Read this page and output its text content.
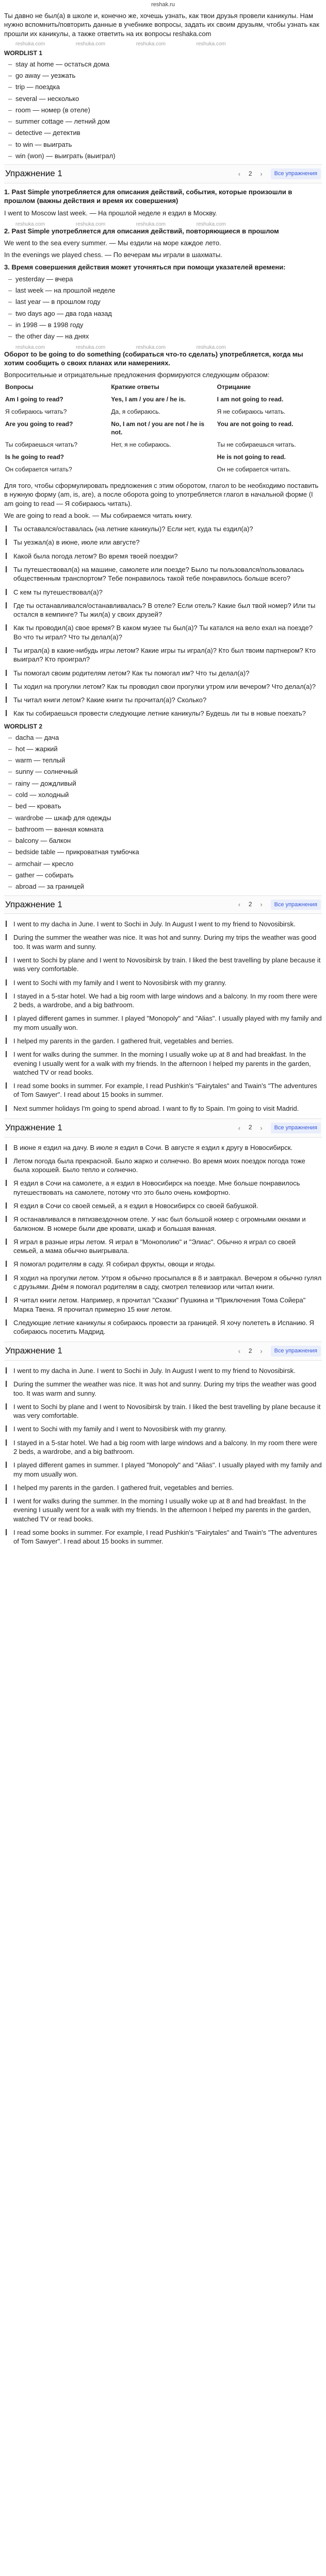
reshak.ru

Ты давно не был(а) в школе и, конечно же, хочешь узнать, как твои друзья провели каникулы. Нам нужно вспомнить/повторить данные в учебнике вопросы, задать их своим друзьям, чтобы узнать как прошли их каникулы, а также ответить на их вопросы reshaka.com

reshuka.com	reshuka.com	reshuka.com	reshuka.com
WORDLIST 1
– stay at home — остаться дома
– go away — уезжать
– trip — поездка
– several — несколько
– room — номер (в отеле)
– summer cottage — летний дом
– detective — детектив
– to win — выиграть
– win (won) — выиграть (выиграл)
Упражнение 1	‹	2	›	Все упражнения

1. Past Simple употребляется для описания действий, события, которые произошли в прошлом (важны действия и время их совершения)

I went to Moscow last week. — На прошлой неделе я ездил в Москву.

reshuka.com	reshuka.com	reshuka.com	reshuka.com

2. Past Simple употребляется для описания действий, повторяющиеся в прошлом

We went to the sea every summer. — Мы ездили на море каждое лето.

In the evenings we played chess. — По вечерам мы играли в шахматы.

3. Время совершения действия может уточняться при помощи указателей времени:

– yesterday — вчера
– last week — на прошлой неделе
– last year — в прошлом году
– two days ago — два года назад
– in 1998 — в 1998 году
– the other day — на днях
reshuka.com	reshuka.com	reshuka.com	reshuka.com

Оборот to be going to do something (собираться что-то сделать) употребляется, когда мы хотим сообщить о своих планах или намерениях.

Вопросительные и отрицательные предложения формируются следующим образом:

Вопросы	Краткие ответы	Отрицание
Am I going to read?	Yes, I am / you are / he is.	I am not going to read.
Я собираюсь читать?	Да, я собираюсь.	Я не собираюсь читать.
Are you going to read?	No, I am not / you are not / he is not.	You are not going to read.
Ты собираешься читать?	Нет, я не собираюсь.	Ты не собираешься читать.
Is he going to read?		He is not going to read.
Он собирается читать?		Он не собирается читать.

Для того, чтобы сформулировать предложения с этим оборотом, глагол to be необходимо поставить в нужную форму (am, is, are), а после оборота going to употребляется глагол в начальной форме (I am going to read — Я собираюсь читать).

We are going to read a book. — Мы собираемся читать книгу.

Ты оставался/оставалась (на летние каникулы)? Если нет, куда ты ездил(а)?
Ты уезжал(а) в июне, июле или августе?
Какой была погода летом? Во время твоей поездки?
Ты путешествовал(а) на машине, самолете или поезде? Было ты пользовался/пользовалась общественным транспортом? Тебе понравилось такой тебе понравилось больше всего?
С кем ты путешествовал(а)?
Где ты останавливался/останавливалась? В отеле? Если отель? Какие был твой номер? Или ты остался в кемпинге? Ты жил(а) у своих друзей?
Как ты проводил(а) свое время? В каком музее ты был(а)? Ты катался на вело ехал на поезде? Во что ты играл? Что ты делал(а)?
Ты играл(а) в какие-нибудь игры летом? Какие игры ты играл(а)? Кто был твоим партнером? Кто выиграл? Кто проиграл?
Ты помогал своим родителям летом? Как ты помогал им? Что ты делал(а)?
Ты ходил на прогулки летом? Как ты проводил свои прогулки утром или вечером? Что делал(а)?
Ты читал книги летом? Какие книги ты прочитал(а)? Сколько?
Как ты собираешься провести следующие летние каникулы? Будешь ли ты в новые поехать?
WORDLIST 2
– dacha — дача
– hot — жаркий
– warm — теплый
– sunny — солнечный
– rainy — дождливый
– cold — холодный
– bed — кровать
– wardrobe — шкаф для одежды
– bathroom — ванная комната
– balcony — балкон
– bedside table — прикроватная тумбочка
– armchair — кресло
– gather — собирать
– abroad — за границей
Упражнение 1	‹	2	›	Все упражнения
I went to my dacha in June. I went to Sochi in July. In August I went to my friend to Novosibirsk.
During the summer the weather was nice. It was hot and sunny. During my trips the weather was good too. It was warm and sunny.
I went to Sochi by plane and I went to Novosibirsk by train. I liked the best travelling by plane because it was very comfortable.
I went to Sochi with my family and I went to Novosibirsk with my granny.
I stayed in a 5-star hotel. We had a big room with large windows and a balcony. In my room there were 2 beds, a wardrobe, and a big bathroom.
I played different games in summer. I played "Monopoly" and "Alias". I usually played with my family and my mom usually won.
I helped my parents in the garden. I gathered fruit, vegetables and berries.
I went for walks during the summer. In the morning I usually woke up at 8 and had breakfast. In the evening I usually went for a walk with my friends. In the afternoon I helped my parents in the garden, watched TV or read books.
I read some books in summer. For example, I read Pushkin's "Fairytales" and Twain's "The adventures of Tom Sawyer". I read about 15 books in summer.
Next summer holidays I'm going to spend abroad. I want to fly to Spain. I'm going to visit Madrid.
Упражнение 1	‹	2	›	Все упражнения
В июне я ездил на дачу. В июле я ездил в Сочи. В августе я ездил к другу в Новосибирск.
Летом погода была прекрасной. Было жарко и солнечно. Во время моих поездок погода тоже была хорошей. Было тепло и солнечно.
Я ездил в Сочи на самолете, а я ездил в Новосибирск на поезде. Мне больше понравилось путешествовать на самолете, потому что это было очень комфортно.
Я ездил в Сочи со своей семьей, а я ездил в Новосибирск со своей бабушкой.
Я останавливался в пятизвездочном отеле. У нас был большой номер с огромными окнами и балконом. В номере были две кровати, шкаф и большая ванная.
Я играл в разные игры летом. Я играл в "Монополию" и "Элиас". Обычно я играл со своей семьей, а мама обычно выигрывала.
Я помогал родителям в саду. Я собирал фрукты, овощи и ягоды.
Я ходил на прогулки летом. Утром я обычно просыпался в 8 и завтракал. Вечером я обычно гулял с друзьями. Днём я помогал родителям в саду, смотрел телевизор или читал книги.
Я читал книги летом. Например, я прочитал "Сказки" Пушкина и "Приключения Тома Сойера" Марка Твена. Я прочитал примерно 15 книг летом.
Следующие летние каникулы я собираюсь провести за границей. Я хочу полететь в Испанию. Я собираюсь посетить Мадрид.
Упражнение 1	‹	2	›	Все упражнения
I went to my dacha in June. I went to Sochi in July. In August I went to my friend to Novosibirsk.
During the summer the weather was nice. It was hot and sunny. During my trips the weather was good too. It was warm and sunny.
I went to Sochi by plane and I went to Novosibirsk by train. I liked the best travelling by plane because it was very comfortable.
I went to Sochi with my family and I went to Novosibirsk with my granny.
I stayed in a 5-star hotel. We had a big room with large windows and a balcony. In my room there were 2 beds, a wardrobe, and a big bathroom.
I played different games in summer. I played "Monopoly" and "Alias". I usually played with my family and my mom usually won.
I helped my parents in the garden. I gathered fruit, vegetables and berries.
I went for walks during the summer. In the morning I usually woke up at 8 and had breakfast. In the evening I usually went for a walk with my friends. In the afternoon I helped my parents in the garden, watched TV or read books.
I read some books in summer. For example, I read Pushkin's "Fairytales" and Twain's "The adventures of Tom Sawyer". I read about 15 books in summer.
